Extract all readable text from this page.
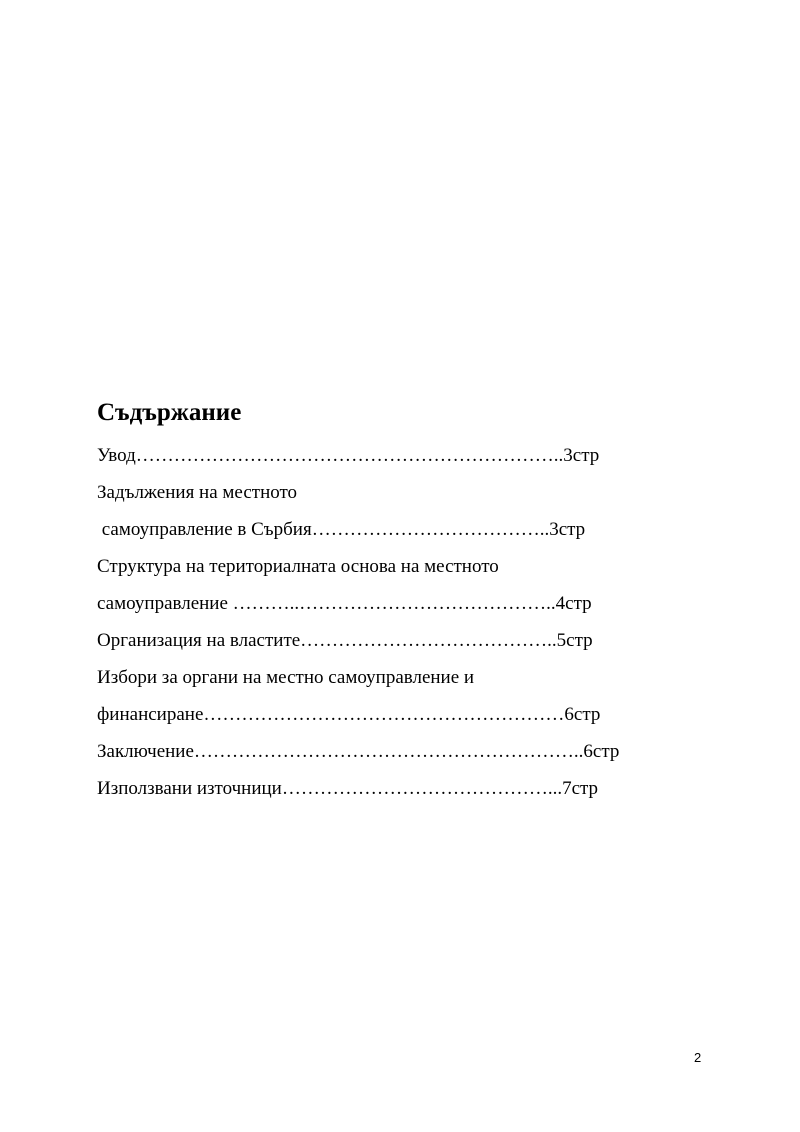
Съдържание

Увод…………………………………………………………..3стр

Задължения на местното

самоуправление в Сърбия………………………………..3стр

Структура на териториалната основа на местното

самоуправление ………..…………………………………..4стр

Организация на властите…………………………………..5стр

Избори за органи на местно самоуправление и

финансиране…………………………………………………6стр

Заключение……………………………………………………..6стр

Използвани източници……………………………………...7стр

2
